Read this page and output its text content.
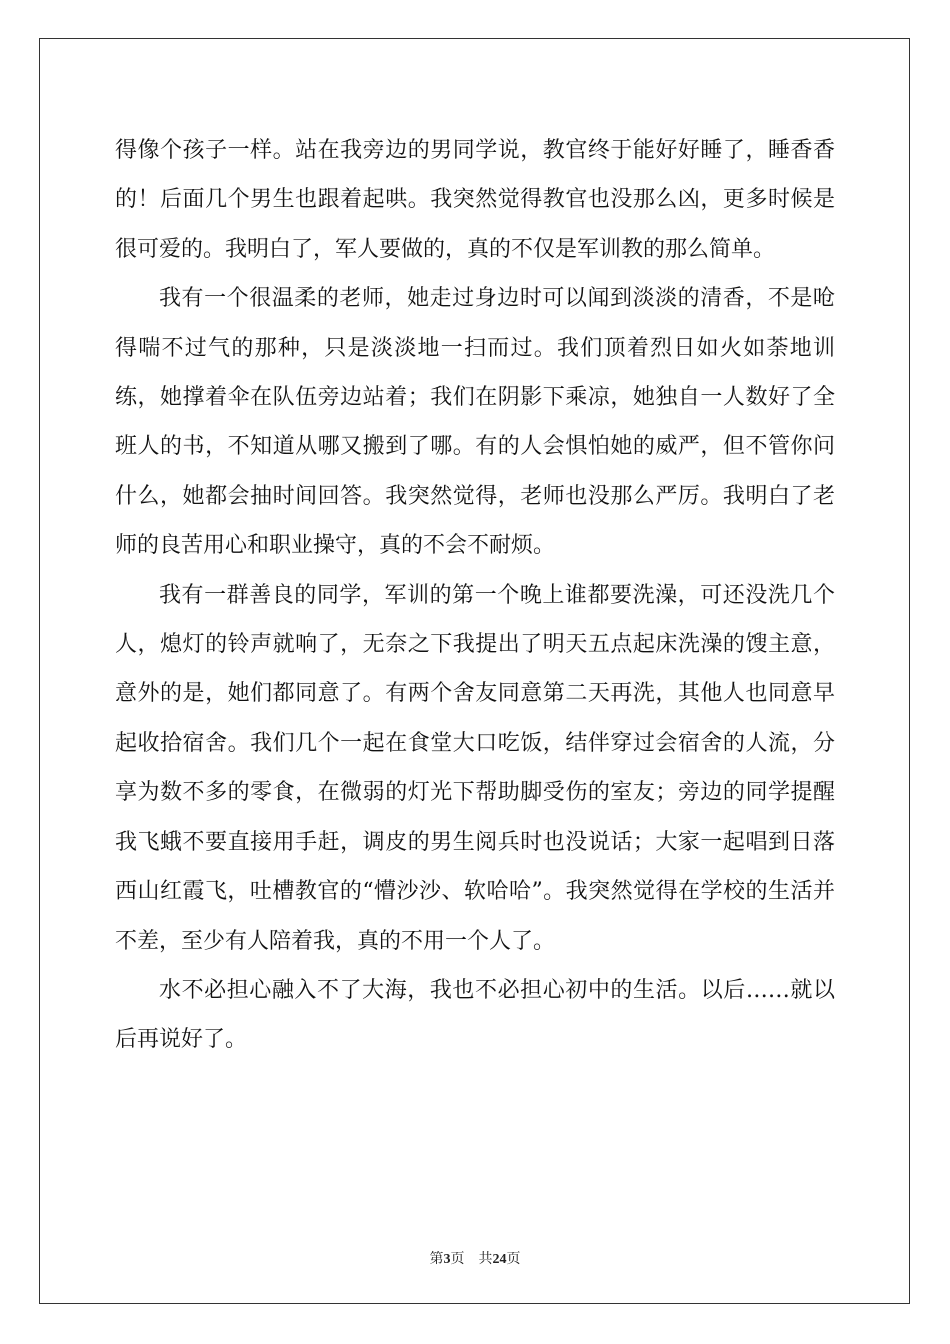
得像个孩子一样。站在我旁边的男同学说，教官终于能好好睡了，睡香香的！后面几个男生也跟着起哄。我突然觉得教官也没那么凶，更多时候是很可爱的。我明白了，军人要做的，真的不仅是军训教的那么简单。

我有一个很温柔的老师，她走过身边时可以闻到淡淡的清香，不是呛得喘不过气的那种，只是淡淡地一扫而过。我们顶着烈日如火如荼地训练，她撑着伞在队伍旁边站着；我们在阴影下乘凉，她独自一人数好了全班人的书，不知道从哪又搬到了哪。有的人会惧怕她的威严，但不管你问什么，她都会抽时间回答。我突然觉得，老师也没那么严厉。我明白了老师的良苦用心和职业操守，真的不会不耐烦。

我有一群善良的同学，军训的第一个晚上谁都要洗澡，可还没洗几个人，熄灯的铃声就响了，无奈之下我提出了明天五点起床洗澡的馊主意，意外的是，她们都同意了。有两个舍友同意第二天再洗，其他人也同意早起收拾宿舍。我们几个一起在食堂大口吃饭，结伴穿过会宿舍的人流，分享为数不多的零食，在微弱的灯光下帮助脚受伤的室友；旁边的同学提醒我飞蛾不要直接用手赶，调皮的男生阅兵时也没说话；大家一起唱到日落西山红霞飞，吐槽教官的“懵沙沙、软哈哈”。我突然觉得在学校的生活并不差，至少有人陪着我，真的不用一个人了。

水不必担心融入不了大海，我也不必担心初中的生活。以后……就以后再说好了。

第3页 共24页
